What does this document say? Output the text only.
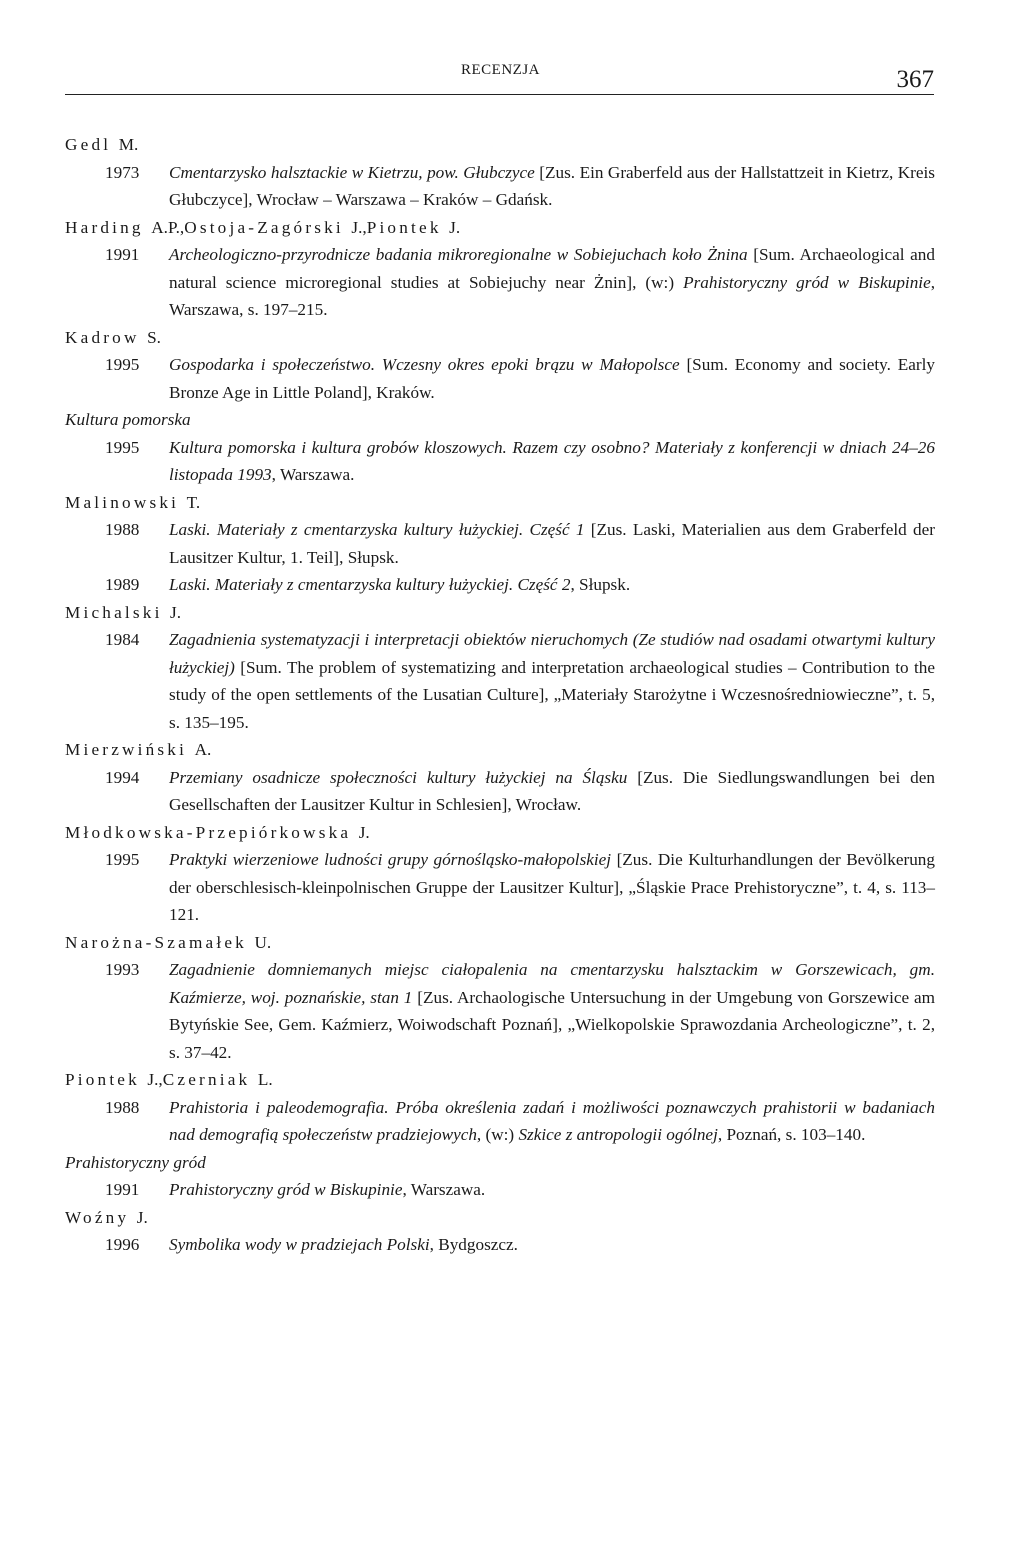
RECENZJA	367
Gedl M.
1973 Cmentarzysko halsztackie w Kietrzu, pow. Głubczyce [Zus. Ein Graberfeld aus der Hallstattzeit in Kietrz, Kreis Głubczyce], Wrocław – Warszawa – Kraków – Gdańsk.
Harding A.P.,Ostoja-Zagórski J.,Piontek J.
1991 Archeologiczno-przyrodnicze badania mikroregionalne w Sobiejuchach koło Żnina [Sum. Archaeological and natural science microregional studies at Sobiejuchy near Żnin], (w:) Prahistoryczny gród w Biskupinie, Warszawa, s. 197–215.
Kadrow S.
1995 Gospodarka i społeczeństwo. Wczesny okres epoki brązu w Małopolsce [Sum. Economy and society. Early Bronze Age in Little Poland], Kraków.
Kultura pomorska
1995 Kultura pomorska i kultura grobów kloszowych. Razem czy osobno? Materiały z konferencji w dniach 24–26 listopada 1993, Warszawa.
Malinowski T.
1988 Laski. Materiały z cmentarzyska kultury łużyckiej. Część 1 [Zus. Laski, Materialien aus dem Graberfeld der Lausitzer Kultur, 1. Teil], Słupsk.
1989 Laski. Materiały z cmentarzyska kultury łużyckiej. Część 2, Słupsk.
Michalski J.
1984 Zagadnienia systematyzacji i interpretacji obiektów nieruchomych (Ze studiów nad osadami otwartymi kultury łużyckiej) [Sum. The problem of systematizing and interpretation archaeological studies – Contribution to the study of the open settlements of the Lusatian Culture], „Materiały Starożytne i Wczesnośredniowieczne”, t. 5, s. 135–195.
Mierzwiński A.
1994 Przemiany osadnicze społeczności kultury łużyckiej na Śląsku [Zus. Die Siedlungswandlungen bei den Gesellschaften der Lausitzer Kultur in Schlesien], Wrocław.
Młodkowska-Przepiórkowska J.
1995 Praktyki wierzeniowe ludności grupy górnośląsko-małopolskiej [Zus. Die Kulturhandlungen der Bevölkerung der oberschlesisch-kleinpolnischen Gruppe der Lausitzer Kultur], „Śląskie Prace Prehistoryczne”, t. 4, s. 113–121.
Narożna-Szamałek U.
1993 Zagadnienie domniemanych miejsc ciałopalenia na cmentarzysku halsztackim w Gorszewicach, gm. Kaźmierze, woj. poznańskie, stan 1 [Zus. Archaologische Untersuchung in der Umgebung von Gorszewice am Bytyńskie See, Gem. Kaźmierz, Woiwodschaft Poznań], „Wielkopolskie Sprawozdania Archeologiczne”, t. 2, s. 37–42.
Piontek J.,Czerniak L.
1988 Prahistoria i paleodemografia. Próba określenia zadań i możliwości poznawczych prahistorii w badaniach nad demografią społeczeństw pradziejowych, (w:) Szkice z antropologii ogólnej, Poznań, s. 103–140.
Prahistoryczny gród
1991 Prahistoryczny gród w Biskupinie, Warszawa.
Woźny J.
1996 Symbolika wody w pradziejach Polski, Bydgoszcz.
